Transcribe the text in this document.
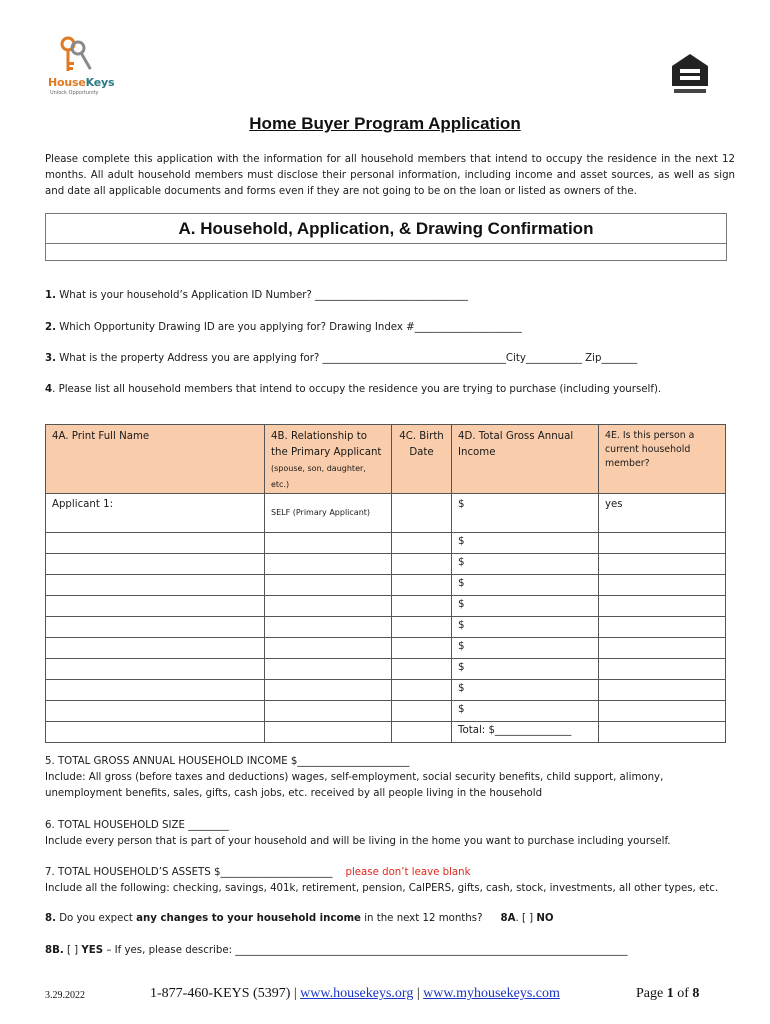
HouseKeys
Unlock Opportunity
Home Buyer Program Application
Please complete this application with the information for all household members that intend to occupy the residence in the next 12 months. All adult household members must disclose their personal information, including income and asset sources, as well as sign and date all applicable documents and forms even if they are not going to be on the loan or listed as owners of the.
A. Household, Application, & Drawing Confirmation
1. What is your household’s Application ID Number? ______________________________
2. Which Opportunity Drawing ID are you applying for? Drawing Index #_____________________
3. What is the property Address you are applying for? ____________________________________City___________ Zip_______
4. Please list all household members that intend to occupy the residence you are trying to purchase (including yourself).
4A. Print Full Name	4B. Relationship to the Primary Applicant (spouse, son, daughter, etc.)	4C. Birth Date	4D. Total Gross Annual Income	4E. Is this person a current household member?
Applicant 1:	SELF (Primary Applicant)		$	yes
			$	
			$	
			$	
			$	
			$	
			$	
			$	
			$	
			$	
			Total: $_______________	
5. TOTAL GROSS ANNUAL HOUSEHOLD INCOME $______________________
Include: All gross (before taxes and deductions) wages, self-employment, social security benefits, child support, alimony, unemployment benefits, sales, gifts, cash jobs, etc. received by all people living in the household
6. TOTAL HOUSEHOLD SIZE ________
Include every person that is part of your household and will be living in the home you want to purchase including yourself.
7. TOTAL HOUSEHOLD’S ASSETS $______________________ please don’t leave blank
Include all the following: checking, savings, 401k, retirement, pension, CalPERS, gifts, cash, stock, investments, all other types, etc.
8. Do you expect any changes to your household income in the next 12 months? 8A. [ ] NO
8B. [ ] YES – If yes, please describe: _____________________________________________________________________________
3.29.2022	1-877-460-KEYS (5397) | www.housekeys.org | www.myhousekeys.com	Page 1 of 8
